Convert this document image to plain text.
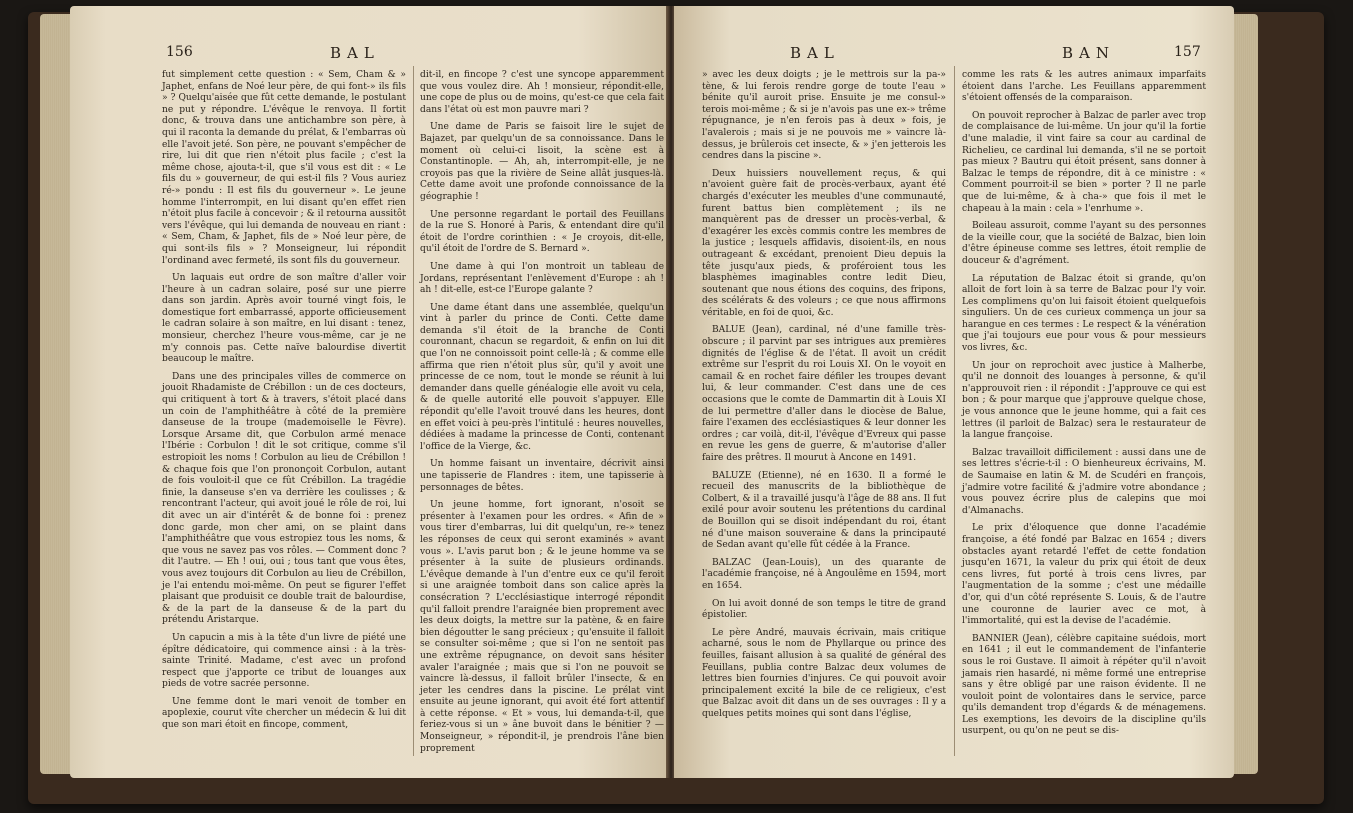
156	BAL

fut simplement cette question : « Sem, Cham & » Japhet, enfans de Noé leur père, de qui font-» ils fils » ? Quelqu'aisée que fût cette demande, le postulant ne put y répondre. L'évêque le renvoya. Il fortit donc, & trouva dans une antichambre son père, à qui il raconta la demande du prélat, & l'embarras où elle l'avoit jeté. Son père, ne pouvant s'empêcher de rire, lui dit que rien n'étoit plus facile ; c'est la même chose, ajouta-t-il, que s'il vous est dit : « Le fils du » gouverneur, de qui est-il fils ? Vous auriez ré-» pondu : Il est fils du gouverneur ». Le jeune homme l'interrompit, en lui disant qu'en effet rien n'étoit plus facile à concevoir ; & il retourna aussitôt vers l'évêque, qui lui demanda de nouveau en riant : « Sem, Cham, & Japhet, fils de » Noé leur père, de qui sont-ils fils » ? Monseigneur, lui répondit l'ordinand avec fermeté, ils sont fils du gouverneur.

Un laquais eut ordre de son maître d'aller voir l'heure à un cadran solaire, posé sur une pierre dans son jardin. Après avoir tourné vingt fois, le domestique fort embarrassé, apporte officieusement le cadran solaire à son maître, en lui disant : tenez, monsieur, cherchez l'heure vous-même, car je ne m'y connois pas. Cette naïve balourdise divertit beaucoup le maître.

Dans une des principales villes de commerce on jouoit Rhadamiste de Crébillon : un de ces docteurs, qui critiquent à tort & à travers, s'étoit placé dans un coin de l'amphithéâtre à côté de la première danseuse de la troupe (mademoiselle le Fèvre). Lorsque Arsame dit, que Corbulon armé menace l'Ibérie : Corbulon ! dit le sot critique, comme s'il estropioit les noms ! Corbulon au lieu de Crébillon ! & chaque fois que l'on prononçoit Corbulon, autant de fois vouloit-il que ce fût Crébillon. La tragédie finie, la danseuse s'en va derrière les coulisses ; & rencontrant l'acteur, qui avoit joué le rôle de roi, lui dit avec un air d'intérêt & de bonne foi : prenez donc garde, mon cher ami, on se plaint dans l'amphithéâtre que vous estropiez tous les noms, & que vous ne savez pas vos rôles. — Comment donc ? dit l'autre. — Eh ! oui, oui ; tous tant que vous êtes, vous avez toujours dit Corbulon au lieu de Crébillon, je l'ai entendu moi-même. On peut se figurer l'effet plaisant que produisit ce double trait de balourdise, & de la part de la danseuse & de la part du prétendu Aristarque.

Un capucin a mis à la tête d'un livre de piété une épître dédicatoire, qui commence ainsi : à la très-sainte Trinité. Madame, c'est avec un profond respect que j'apporte ce tribut de louanges aux pieds de votre sacrée personne.

Une femme dont le mari venoit de tomber en apoplexie, courut vîte chercher un médecin & lui dit que son mari étoit en fincope, comment,

dit-il, en fincope ? c'est une syncope apparemment que vous voulez dire. Ah ! monsieur, répondit-elle, une cope de plus ou de moins, qu'est-ce que cela fait dans l'état où est mon pauvre mari ?

Une dame de Paris se faisoit lire le sujet de Bajazet, par quelqu'un de sa connoissance. Dans le moment où celui-ci lisoit, la scène est à Constantinople. — Ah, ah, interrompit-elle, je ne croyois pas que la rivière de Seine allât jusques-là. Cette dame avoit une profonde connoissance de la géographie !

Une personne regardant le portail des Feuillans de la rue S. Honoré à Paris, & entendant dire qu'il étoit de l'ordre corinthien : « Je croyois, dit-elle, qu'il étoit de l'ordre de S. Bernard ».

Une dame à qui l'on montroit un tableau de Jordans, représentant l'enlèvement d'Europe : ah ! ah ! dit-elle, est-ce l'Europe galante ?

Une dame étant dans une assemblée, quelqu'un vint à parler du prince de Conti. Cette dame demanda s'il étoit de la branche de Conti couronnant, chacun se regardoit, & enfin on lui dit que l'on ne connoissoit point celle-là ; & comme elle affirma que rien n'étoit plus sûr, qu'il y avoit une princesse de ce nom, tout le monde se réunit à lui demander dans quelle généalogie elle avoit vu cela, & de quelle autorité elle pouvoit s'appuyer. Elle répondit qu'elle l'avoit trouvé dans les heures, dont en effet voici à peu-près l'intitulé : heures nouvelles, dédiées à madame la princesse de Conti, contenant l'office de la Vierge, &c.

Un homme faisant un inventaire, décrivit ainsi une tapisserie de Flandres : item, une tapisserie à personnages de bêtes.

Un jeune homme, fort ignorant, n'osoit se présenter à l'examen pour les ordres. « Afin de » vous tirer d'embarras, lui dit quelqu'un, re-» tenez les réponses de ceux qui seront examinés » avant vous ». L'avis parut bon ; & le jeune homme va se présenter à la suite de plusieurs ordinands. L'évêque demande à l'un d'entre eux ce qu'il feroit si une araignée tomboit dans son calice après la consécration ? L'ecclésiastique interrogé répondit qu'il falloit prendre l'araignée bien proprement avec les deux doigts, la mettre sur la patène, & en faire bien dégoutter le sang précieux ; qu'ensuite il falloit se consulter soi-même ; que si l'on ne sentoit pas une extrême répugnance, on devoit sans hésiter avaler l'araignée ; mais que si l'on ne pouvoit se vaincre là-dessus, il falloit brûler l'insecte, & en jeter les cendres dans la piscine. Le prélat vint ensuite au jeune ignorant, qui avoit été fort attentif à cette réponse. « Et » vous, lui demanda-t-il, que feriez-vous si un » âne buvoit dans le bénitier ? — Monseigneur, » répondit-il, je prendrois l'âne bien proprement

BAL	BAN	157

» avec les deux doigts ; je le mettrois sur la pa-» tène, & lui ferois rendre gorge de toute l'eau » bénite qu'il auroit prise. Ensuite je me consul-» terois moi-même ; & si je n'avois pas une ex-» trême répugnance, je n'en ferois pas à deux » fois, je l'avalerois ; mais si je ne pouvois me » vaincre là-dessus, je brûlerois cet insecte, & » j'en jetterois les cendres dans la piscine ».

Deux huissiers nouvellement reçus, & qui n'avoient guère fait de procès-verbaux, ayant été chargés d'exécuter les meubles d'une communauté, furent battus bien complètement ; ils ne manquèrent pas de dresser un procès-verbal, & d'exagérer les excès commis contre les membres de la justice ; lesquels affidavis, disoient-ils, en nous outrageant & excédant, prenoient Dieu depuis la tête jusqu'aux pieds, & proféroient tous les blasphèmes imaginables contre ledit Dieu, soutenant que nous étions des coquins, des fripons, des scélérats & des voleurs ; ce que nous affirmons véritable, en foi de quoi, &c.

BALUE (Jean), cardinal, né d'une famille très-obscure ; il parvint par ses intrigues aux premières dignités de l'église & de l'état. Il avoit un crédit extrême sur l'esprit du roi Louis XI. On le voyoit en camail & en rochet faire défiler les troupes devant lui, & leur commander. C'est dans une de ces occasions que le comte de Dammartin dit à Louis XI de lui permettre d'aller dans le diocèse de Balue, faire l'examen des ecclésiastiques & leur donner les ordres ; car voilà, dit-il, l'évêque d'Evreux qui passe en revue les gens de guerre, & m'autorise d'aller faire des prêtres. Il mourut à Ancone en 1491.

BALUZE (Etienne), né en 1630. Il a formé le recueil des manuscrits de la bibliothèque de Colbert, & il a travaillé jusqu'à l'âge de 88 ans. Il fut exilé pour avoir soutenu les prétentions du cardinal de Bouillon qui se disoit indépendant du roi, étant né d'une maison souveraine & dans la principauté de Sedan avant qu'elle fût cédée à la France.

BALZAC (Jean-Louis), un des quarante de l'académie françoise, né à Angoulême en 1594, mort en 1654.

On lui avoit donné de son temps le titre de grand épistolier.

Le père André, mauvais écrivain, mais critique acharné, sous le nom de Phyllarque ou prince des feuilles, faisant allusion à sa qualité de général des Feuillans, publia contre Balzac deux volumes de lettres bien fournies d'injures. Ce qui pouvoit avoir principalement excité la bile de ce religieux, c'est que Balzac avoit dit dans un de ses ouvrages : Il y a quelques petits moines qui sont dans l'église,

comme les rats & les autres animaux imparfaits étoient dans l'arche. Les Feuillans apparemment s'étoient offensés de la comparaison.

On pouvoit reprocher à Balzac de parler avec trop de complaisance de lui-même. Un jour qu'il la fortie d'une maladie, il vint faire sa cour au cardinal de Richelieu, ce cardinal lui demanda, s'il ne se portoit pas mieux ? Bautru qui étoit présent, sans donner à Balzac le temps de répondre, dit à ce ministre : « Comment pourroit-il se bien » porter ? Il ne parle que de lui-même, & à cha-» que fois il met le chapeau à la main : cela » l'enrhume ».

Boileau assuroit, comme l'ayant su des personnes de la vieille cour, que la société de Balzac, bien loin d'être épineuse comme ses lettres, étoit remplie de douceur & d'agrément.

La réputation de Balzac étoit si grande, qu'on alloit de fort loin à sa terre de Balzac pour l'y voir. Les complimens qu'on lui faisoit étoient quelquefois singuliers. Un de ces curieux commença un jour sa harangue en ces termes : Le respect & la vénération que j'ai toujours eue pour vous & pour messieurs vos livres, &c.

Un jour on reprochoit avec justice à Malherbe, qu'il ne donnoit des louanges à personne, & qu'il n'approuvoit rien : il répondit : J'approuve ce qui est bon ; & pour marque que j'approuve quelque chose, je vous annonce que le jeune homme, qui a fait ces lettres (il parloit de Balzac) sera le restaurateur de la langue françoise.

Balzac travailloit difficilement : aussi dans une de ses lettres s'écrie-t-il : O bienheureux écrivains, M. de Saumaise en latin & M. de Scudéri en françois, j'admire votre facilité & j'admire votre abondance ; vous pouvez écrire plus de calepins que moi d'Almanachs.

Le prix d'éloquence que donne l'académie françoise, a été fondé par Balzac en 1654 ; divers obstacles ayant retardé l'effet de cette fondation jusqu'en 1671, la valeur du prix qui étoit de deux cens livres, fut porté à trois cens livres, par l'augmentation de la somme ; c'est une médaille d'or, qui d'un côté représente S. Louis, & de l'autre une couronne de laurier avec ce mot, à l'immortalité, qui est la devise de l'académie.

BANNIER (Jean), célèbre capitaine suédois, mort en 1641 ; il eut le commandement de l'infanterie sous le roi Gustave. Il aimoit à répéter qu'il n'avoit jamais rien hasardé, ni même formé une entreprise sans y être obligé par une raison évidente. Il ne vouloit point de volontaires dans le service, parce qu'ils demandent trop d'égards & de ménagemens. Les exemptions, les devoirs de la discipline qu'ils usurpent, ou qu'on ne peut se dis-
